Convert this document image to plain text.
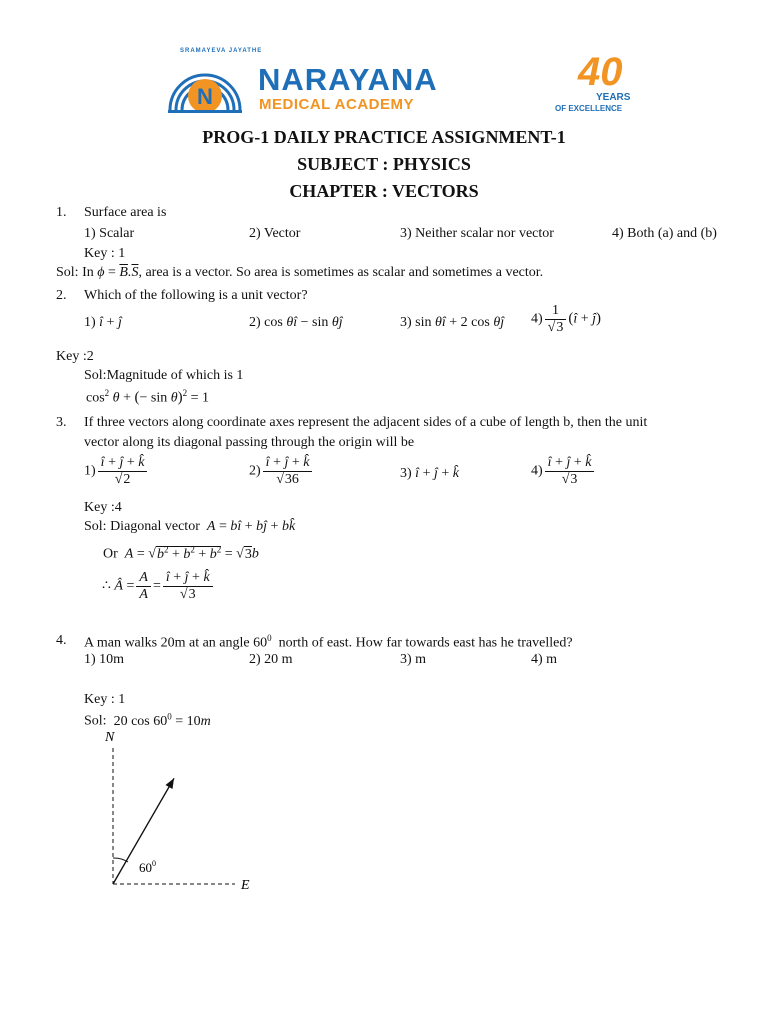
N
SRAMAYEVA JAYATHE
NARAYANA
MEDICAL ACADEMY
40
YEARS
OF EXCELLENCE
PROG-1 DAILY PRACTICE ASSIGNMENT-1
SUBJECT : PHYSICS
CHAPTER : VECTORS
1. Surface area is
1) Scalar	2) Vector	3) Neither scalar nor vector	4) Both (a) and (b)
Key : 1
Sol: In $\phi = \overline{B}.\overline{S}$, area is a vector. So area is sometimes as scalar and sometimes a vector.
2. Which of the following is a unit vector?
1) î + ĵ	2) cos θî − sin θĵ	3) sin θî + 2 cos θĵ $4) \frac{1}{√3}$ (î + ĵ)
Key :2
Sol:Magnitude of which is 1
$\cos^2 \theta$ + (− sin θ)$^2$ = 1
3. If three vectors along coordinate axes represent the adjacent sides of a cube of length b, then the unit
vector along its diagonal passing through the origin will be
$1) \frac{î + ĵ + k̂}{√2}$	$2) \frac{î + ĵ + k̂}{√36}$	3) î + ĵ + k̂	$4) \frac{î + ĵ + k̂}{√3}$
Key :4
Sol: Diagonal vector A = bî + bĵ + bk̂
Or $A = √b^2 + b^2 + b^2 = √3b$
∴ Â = $\frac{A}{A} = \frac{î + ĵ + k̂}{√3}$
4. A man walks 20m at an angle $60^0$ north of east. How far towards east has he travelled?
1) 10m	2) 20 m	3) m	4) m
Key : 1
Sol:  20 $\cos 60^0 = 10m$
N
E
$60^0$
